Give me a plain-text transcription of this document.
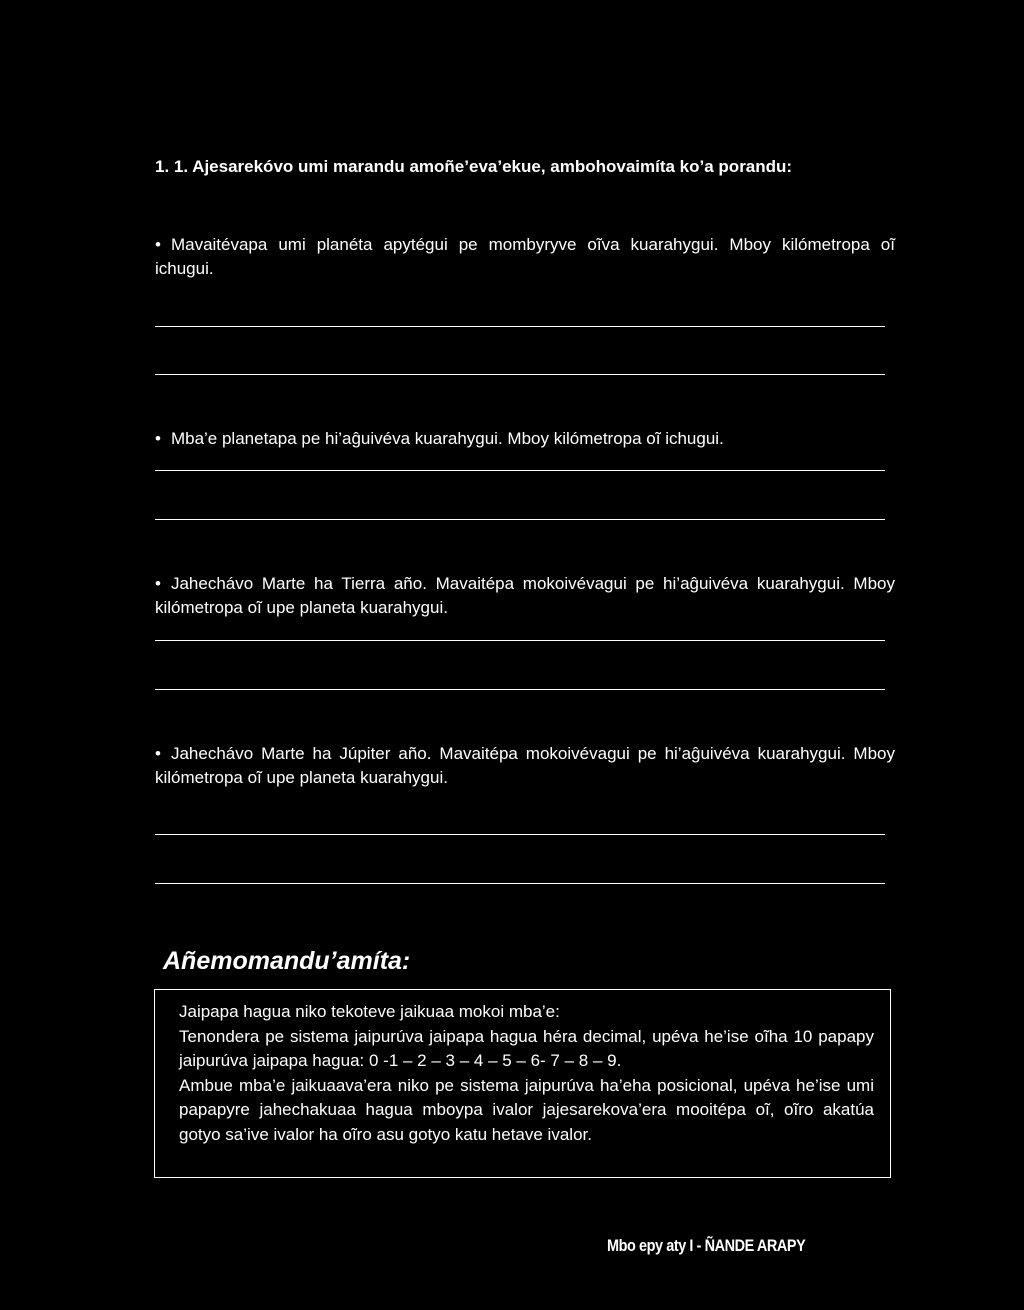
1. 1. Ajesarekóvo umi marandu amoñe’eva’ekue, ambohovaimíta ko’a porandu:
• Mavaitévapa umi planéta apytégui pe mombyryve oĩva kuarahygui. Mboy kilómetropa oĩ ichugui.
• Mba’e planetapa pe hi’aĝuivéva kuarahygui. Mboy kilómetropa oĩ ichugui.
• Jahechávo Marte ha Tierra año. Mavaitépa mokoivévagui pe hi’aĝuivéva kuarahygui. Mboy kilómetropa oĩ upe planeta kuarahygui.
• Jahechávo Marte ha Júpiter año. Mavaitépa mokoivévagui pe hi’aĝuivéva kuarahygui. Mboy kilómetropa oĩ upe planeta kuarahygui.
Añemomandu’amíta:

Jaipapa hagua niko tekoteve jaikuaa mokoi mba’e:

Tenondera pe sistema jaipurúva jaipapa hagua héra decimal, upéva he’ise oĩha 10 papapy jaipurúva jaipapa hagua: 0 -1 – 2 – 3 – 4 – 5 – 6- 7 – 8 – 9.

Ambue mba’e jaikuaava’era niko pe sistema jaipurúva ha’eha posicional, upéva he’ise umi papapyre jahechakuaa hagua mboypa ivalor jajesarekova’era mooitépa oĩ, oĩro akatúa gotyo sa’ive ivalor ha oĩro asu gotyo katu hetave ivalor.

Mbo epy aty I - ÑANDE ARAPY
